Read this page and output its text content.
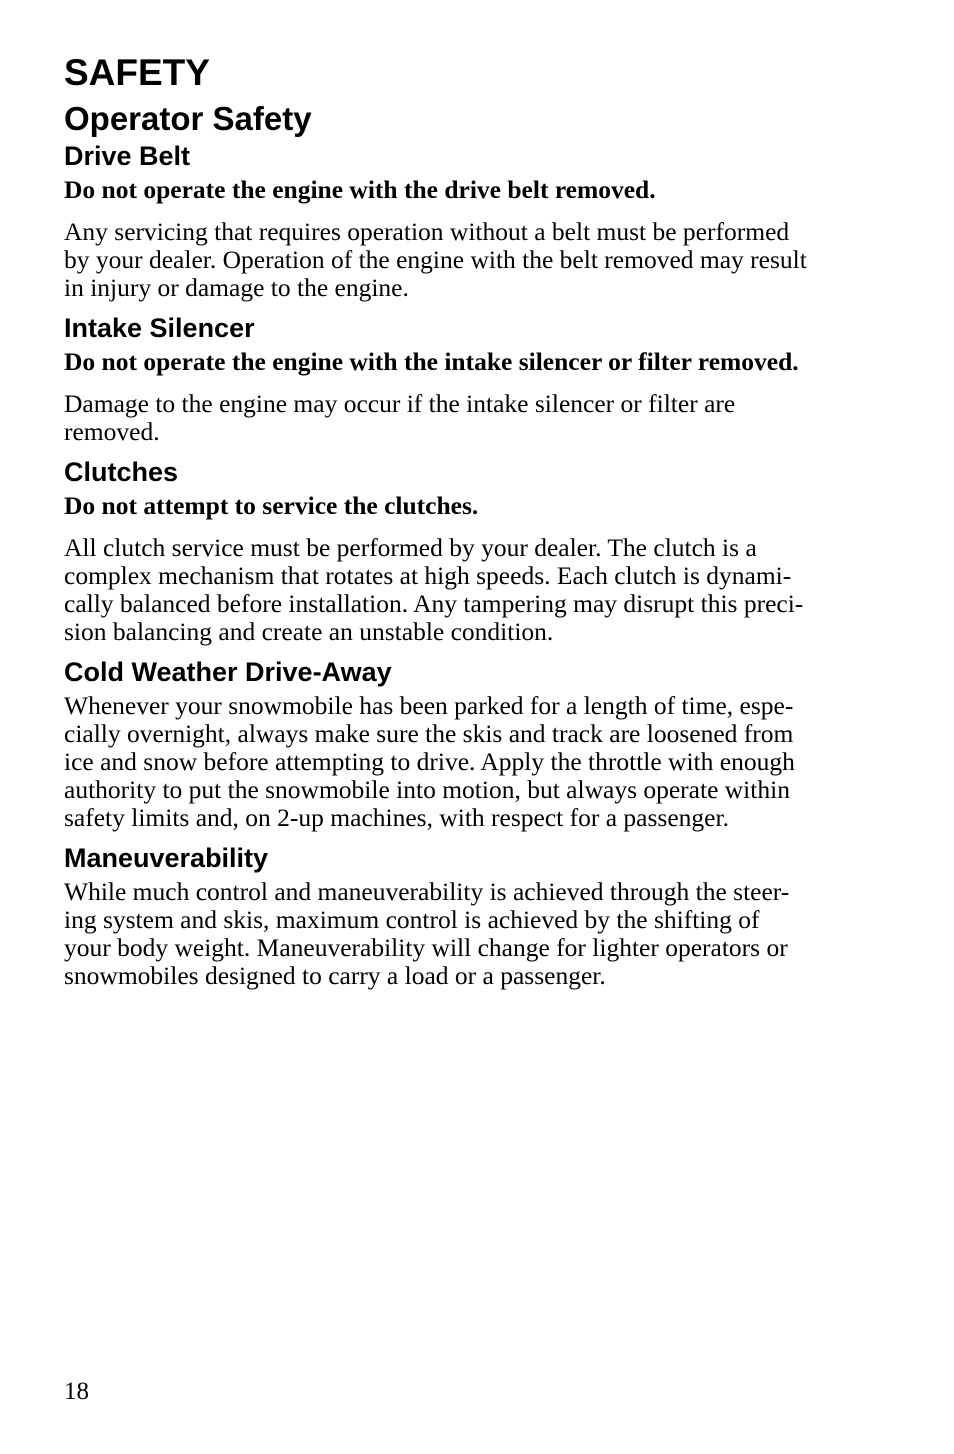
SAFETY
Operator Safety
Drive Belt

Do not operate the engine with the drive belt removed.

Any servicing that requires operation without a belt must be performed
by your dealer. Operation of the engine with the belt removed may result
in injury or damage to the engine.

Intake Silencer

Do not operate the engine with the intake silencer or filter removed.

Damage to the engine may occur if the intake silencer or filter are
removed.

Clutches

Do not attempt to service the clutches.

All clutch service must be performed by your dealer. The clutch is a
complex mechanism that rotates at high speeds. Each clutch is dynami-
cally balanced before installation. Any tampering may disrupt this preci-
sion balancing and create an unstable condition.

Cold Weather Drive-Away

Whenever your snowmobile has been parked for a length of time, espe-
cially overnight, always make sure the skis and track are loosened from
ice and snow before attempting to drive. Apply the throttle with enough
authority to put the snowmobile into motion, but always operate within
safety limits and, on 2-up machines, with respect for a passenger.

Maneuverability

While much control and maneuverability is achieved through the steer-
ing system and skis, maximum control is achieved by the shifting of
your body weight. Maneuverability will change for lighter operators or
snowmobiles designed to carry a load or a passenger.

18
